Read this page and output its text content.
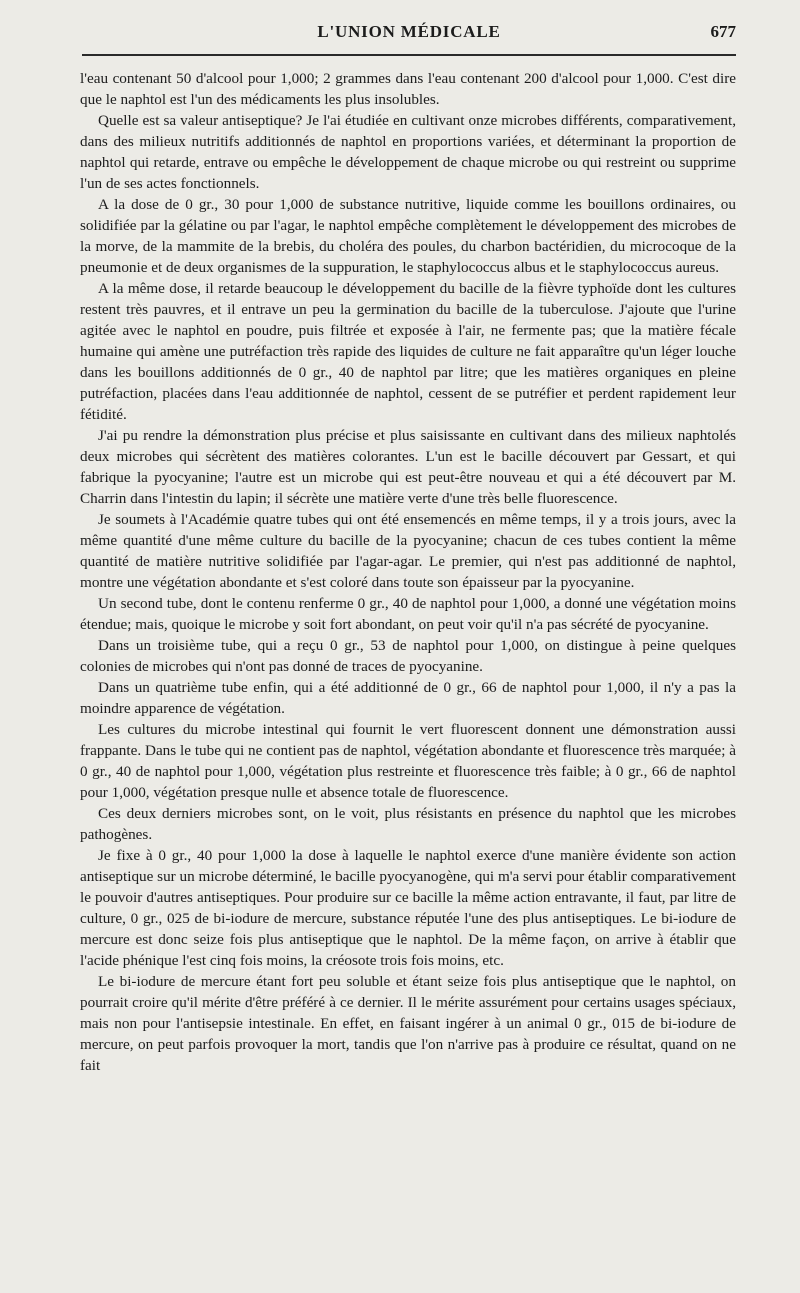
L'UNION MÉDICALE	677

l'eau contenant 50 d'alcool pour 1,000; 2 grammes dans l'eau contenant 200 d'alcool pour 1,000. C'est dire que le naphtol est l'un des médicaments les plus insolubles.

Quelle est sa valeur antiseptique? Je l'ai étudiée en cultivant onze microbes différents, comparativement, dans des milieux nutritifs additionnés de naphtol en proportions variées, et déterminant la proportion de naphtol qui retarde, entrave ou empêche le développement de chaque microbe ou qui restreint ou supprime l'un de ses actes fonctionnels.

A la dose de 0 gr., 30 pour 1,000 de substance nutritive, liquide comme les bouillons ordinaires, ou solidifiée par la gélatine ou par l'agar, le naphtol empêche complètement le développement des microbes de la morve, de la mammite de la brebis, du choléra des poules, du charbon bactéridien, du microcoque de la pneumonie et de deux organismes de la suppuration, le staphylococcus albus et le staphylococcus aureus.

A la même dose, il retarde beaucoup le développement du bacille de la fièvre typhoïde dont les cultures restent très pauvres, et il entrave un peu la germination du bacille de la tuberculose. J'ajoute que l'urine agitée avec le naphtol en poudre, puis filtrée et exposée à l'air, ne fermente pas; que la matière fécale humaine qui amène une putréfaction très rapide des liquides de culture ne fait apparaître qu'un léger louche dans les bouillons additionnés de 0 gr., 40 de naphtol par litre; que les matières organiques en pleine putréfaction, placées dans l'eau additionnée de naphtol, cessent de se putréfier et perdent rapidement leur fétidité.

J'ai pu rendre la démonstration plus précise et plus saisissante en cultivant dans des milieux naphtolés deux microbes qui sécrètent des matières colorantes. L'un est le bacille découvert par Gessart, et qui fabrique la pyocyanine; l'autre est un microbe qui est peut-être nouveau et qui a été découvert par M. Charrin dans l'intestin du lapin; il sécrète une matière verte d'une très belle fluorescence.

Je soumets à l'Académie quatre tubes qui ont été ensemencés en même temps, il y a trois jours, avec la même quantité d'une même culture du bacille de la pyocyanine; chacun de ces tubes contient la même quantité de matière nutritive solidifiée par l'agar-agar. Le premier, qui n'est pas additionné de naphtol, montre une végétation abondante et s'est coloré dans toute son épaisseur par la pyocyanine.

Un second tube, dont le contenu renferme 0 gr., 40 de naphtol pour 1,000, a donné une végétation moins étendue; mais, quoique le microbe y soit fort abondant, on peut voir qu'il n'a pas sécrété de pyocyanine.

Dans un troisième tube, qui a reçu 0 gr., 53 de naphtol pour 1,000, on distingue à peine quelques colonies de microbes qui n'ont pas donné de traces de pyocyanine.

Dans un quatrième tube enfin, qui a été additionné de 0 gr., 66 de naphtol pour 1,000, il n'y a pas la moindre apparence de végétation.

Les cultures du microbe intestinal qui fournit le vert fluorescent donnent une démonstration aussi frappante. Dans le tube qui ne contient pas de naphtol, végétation abondante et fluorescence très marquée; à 0 gr., 40 de naphtol pour 1,000, végétation plus restreinte et fluorescence très faible; à 0 gr., 66 de naphtol pour 1,000, végétation presque nulle et absence totale de fluorescence.

Ces deux derniers microbes sont, on le voit, plus résistants en présence du naphtol que les microbes pathogènes.

Je fixe à 0 gr., 40 pour 1,000 la dose à laquelle le naphtol exerce d'une manière évidente son action antiseptique sur un microbe déterminé, le bacille pyocyanogène, qui m'a servi pour établir comparativement le pouvoir d'autres antiseptiques. Pour produire sur ce bacille la même action entravante, il faut, par litre de culture, 0 gr., 025 de bi-iodure de mercure, substance réputée l'une des plus antiseptiques. Le bi-iodure de mercure est donc seize fois plus antiseptique que le naphtol. De la même façon, on arrive à établir que l'acide phénique l'est cinq fois moins, la créosote trois fois moins, etc.

Le bi-iodure de mercure étant fort peu soluble et étant seize fois plus antiseptique que le naphtol, on pourrait croire qu'il mérite d'être préféré à ce dernier. Il le mérite assurément pour certains usages spéciaux, mais non pour l'antisepsie intestinale. En effet, en faisant ingérer à un animal 0 gr., 015 de bi-iodure de mercure, on peut parfois provoquer la mort, tandis que l'on n'arrive pas à produire ce résultat, quand on ne fait
